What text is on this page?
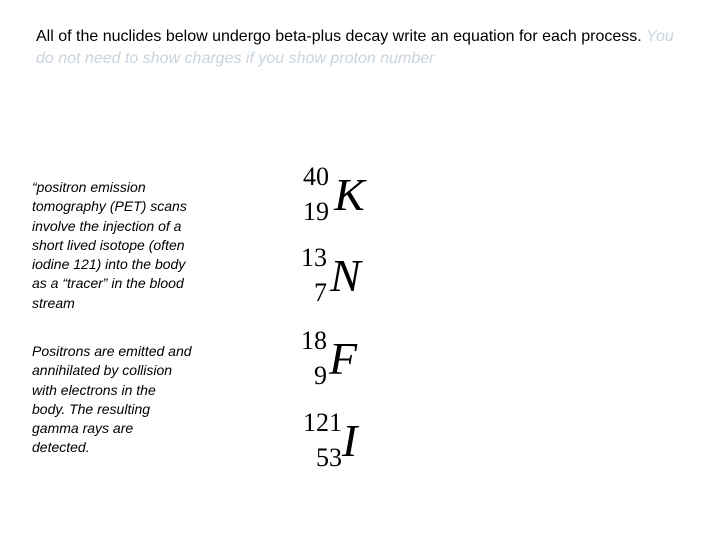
All of the nuclides below undergo beta-plus decay write an equation for each process. You do not need to show charges if you show proton number

“positron emission tomography (PET) scans involve the injection of a short lived isotope (often iodine 121) into the body as a “tracer” in the blood stream

Positrons are emitted and annihilated by collision with electrons in the body. The resulting gamma rays are detected.

40
19 K
13
7 N
18
9 F
121
53 I
